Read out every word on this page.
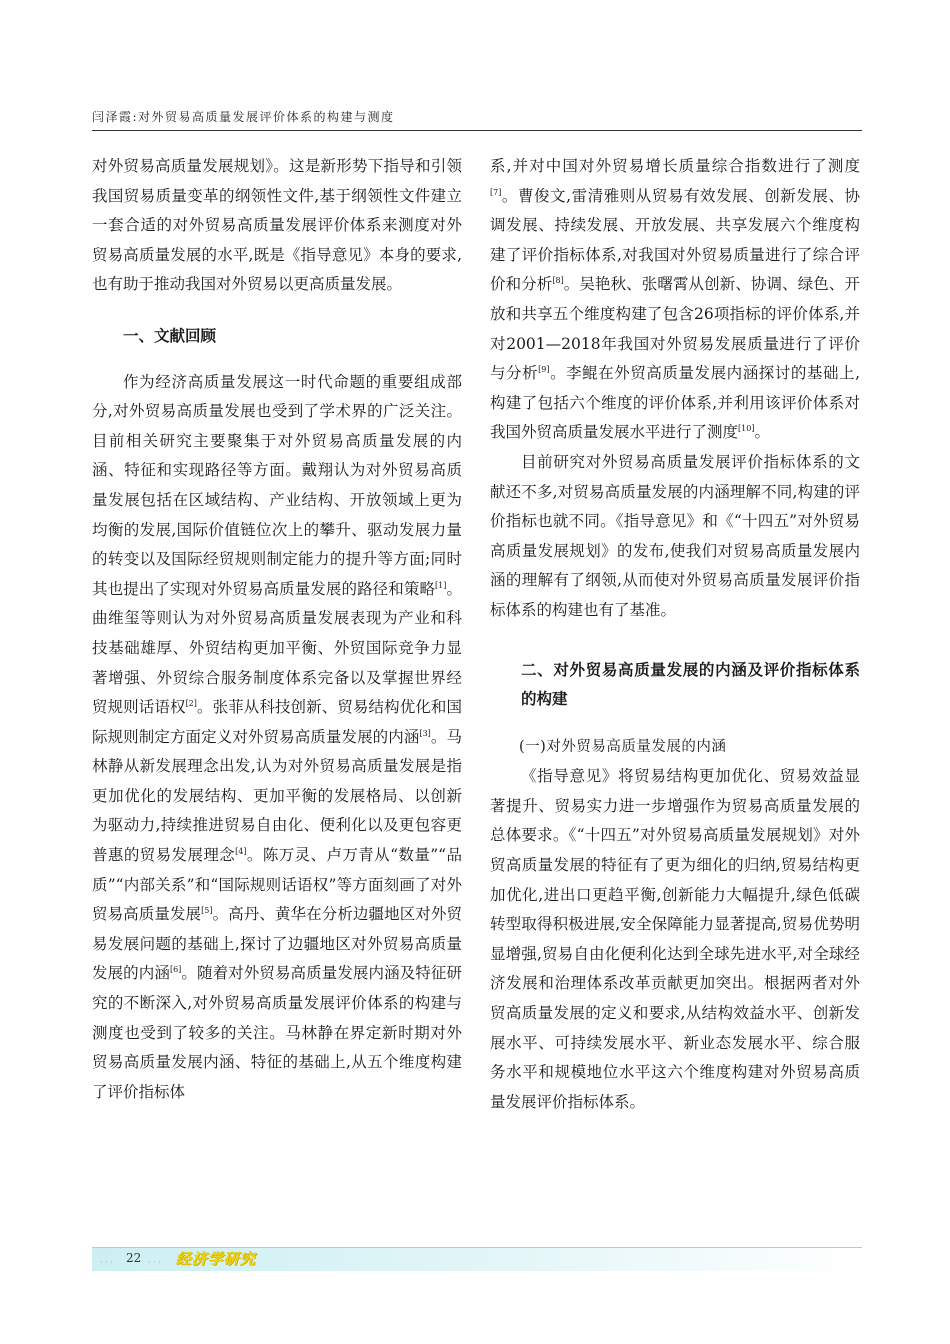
闫泽霞:对外贸易高质量发展评价体系的构建与测度

对外贸易高质量发展规划》。这是新形势下指导和引领我国贸易质量变革的纲领性文件,基于纲领性文件建立一套合适的对外贸易高质量发展评价体系来测度对外贸易高质量发展的水平,既是《指导意见》本身的要求,也有助于推动我国对外贸易以更高质量发展。

一、文献回顾

作为经济高质量发展这一时代命题的重要组成部分,对外贸易高质量发展也受到了学术界的广泛关注。目前相关研究主要聚集于对外贸易高质量发展的内涵、特征和实现路径等方面。戴翔认为对外贸易高质量发展包括在区域结构、产业结构、开放领域上更为均衡的发展,国际价值链位次上的攀升、驱动发展力量的转变以及国际经贸规则制定能力的提升等方面;同时其也提出了实现对外贸易高质量发展的路径和策略[1]。曲维玺等则认为对外贸易高质量发展表现为产业和科技基础雄厚、外贸结构更加平衡、外贸国际竞争力显著增强、外贸综合服务制度体系完备以及掌握世界经贸规则话语权[2]。张菲从科技创新、贸易结构优化和国际规则制定方面定义对外贸易高质量发展的内涵[3]。马林静从新发展理念出发,认为对外贸易高质量发展是指更加优化的发展结构、更加平衡的发展格局、以创新为驱动力,持续推进贸易自由化、便利化以及更包容更普惠的贸易发展理念[4]。陈万灵、卢万青从“数量”“品质”“内部关系”和“国际规则话语权”等方面刻画了对外贸易高质量发展[5]。高丹、黄华在分析边疆地区对外贸易发展问题的基础上,探讨了边疆地区对外贸易高质量发展的内涵[6]。随着对外贸易高质量发展内涵及特征研究的不断深入,对外贸易高质量发展评价体系的构建与测度也受到了较多的关注。马林静在界定新时期对外贸易高质量发展内涵、特征的基础上,从五个维度构建了评价指标体

系,并对中国对外贸易增长质量综合指数进行了测度[7]。曹俊文,雷清雅则从贸易有效发展、创新发展、协调发展、持续发展、开放发展、共享发展六个维度构建了评价指标体系,对我国对外贸易质量进行了综合评价和分析[8]。吴艳秋、张曙霄从创新、协调、绿色、开放和共享五个维度构建了包含26项指标的评价体系,并对2001—2018年我国对外贸易发展质量进行了评价与分析[9]。李鲲在外贸高质量发展内涵探讨的基础上,构建了包括六个维度的评价体系,并利用该评价体系对我国外贸高质量发展水平进行了测度[10]。

目前研究对外贸易高质量发展评价指标体系的文献还不多,对贸易高质量发展的内涵理解不同,构建的评价指标也就不同。《指导意见》和《“十四五”对外贸易高质量发展规划》的发布,使我们对贸易高质量发展内涵的理解有了纲领,从而使对外贸易高质量发展评价指标体系的构建也有了基准。

二、对外贸易高质量发展的内涵及评价指标体系的构建
(一)对外贸易高质量发展的内涵

《指导意见》将贸易结构更加优化、贸易效益显著提升、贸易实力进一步增强作为贸易高质量发展的总体要求。《“十四五”对外贸易高质量发展规划》对外贸高质量发展的特征有了更为细化的归纳,贸易结构更加优化,进出口更趋平衡,创新能力大幅提升,绿色低碳转型取得积极进展,安全保障能力显著提高,贸易优势明显增强,贸易自由化便利化达到全球先进水平,对全球经济发展和治理体系改革贡献更加突出。根据两者对外贸高质量发展的定义和要求,从结构效益水平、创新发展水平、可持续发展水平、新业态发展水平、综合服务水平和规模地位水平这六个维度构建对外贸易高质量发展评价指标体系。

· · · 22 · · · 经济学研究
